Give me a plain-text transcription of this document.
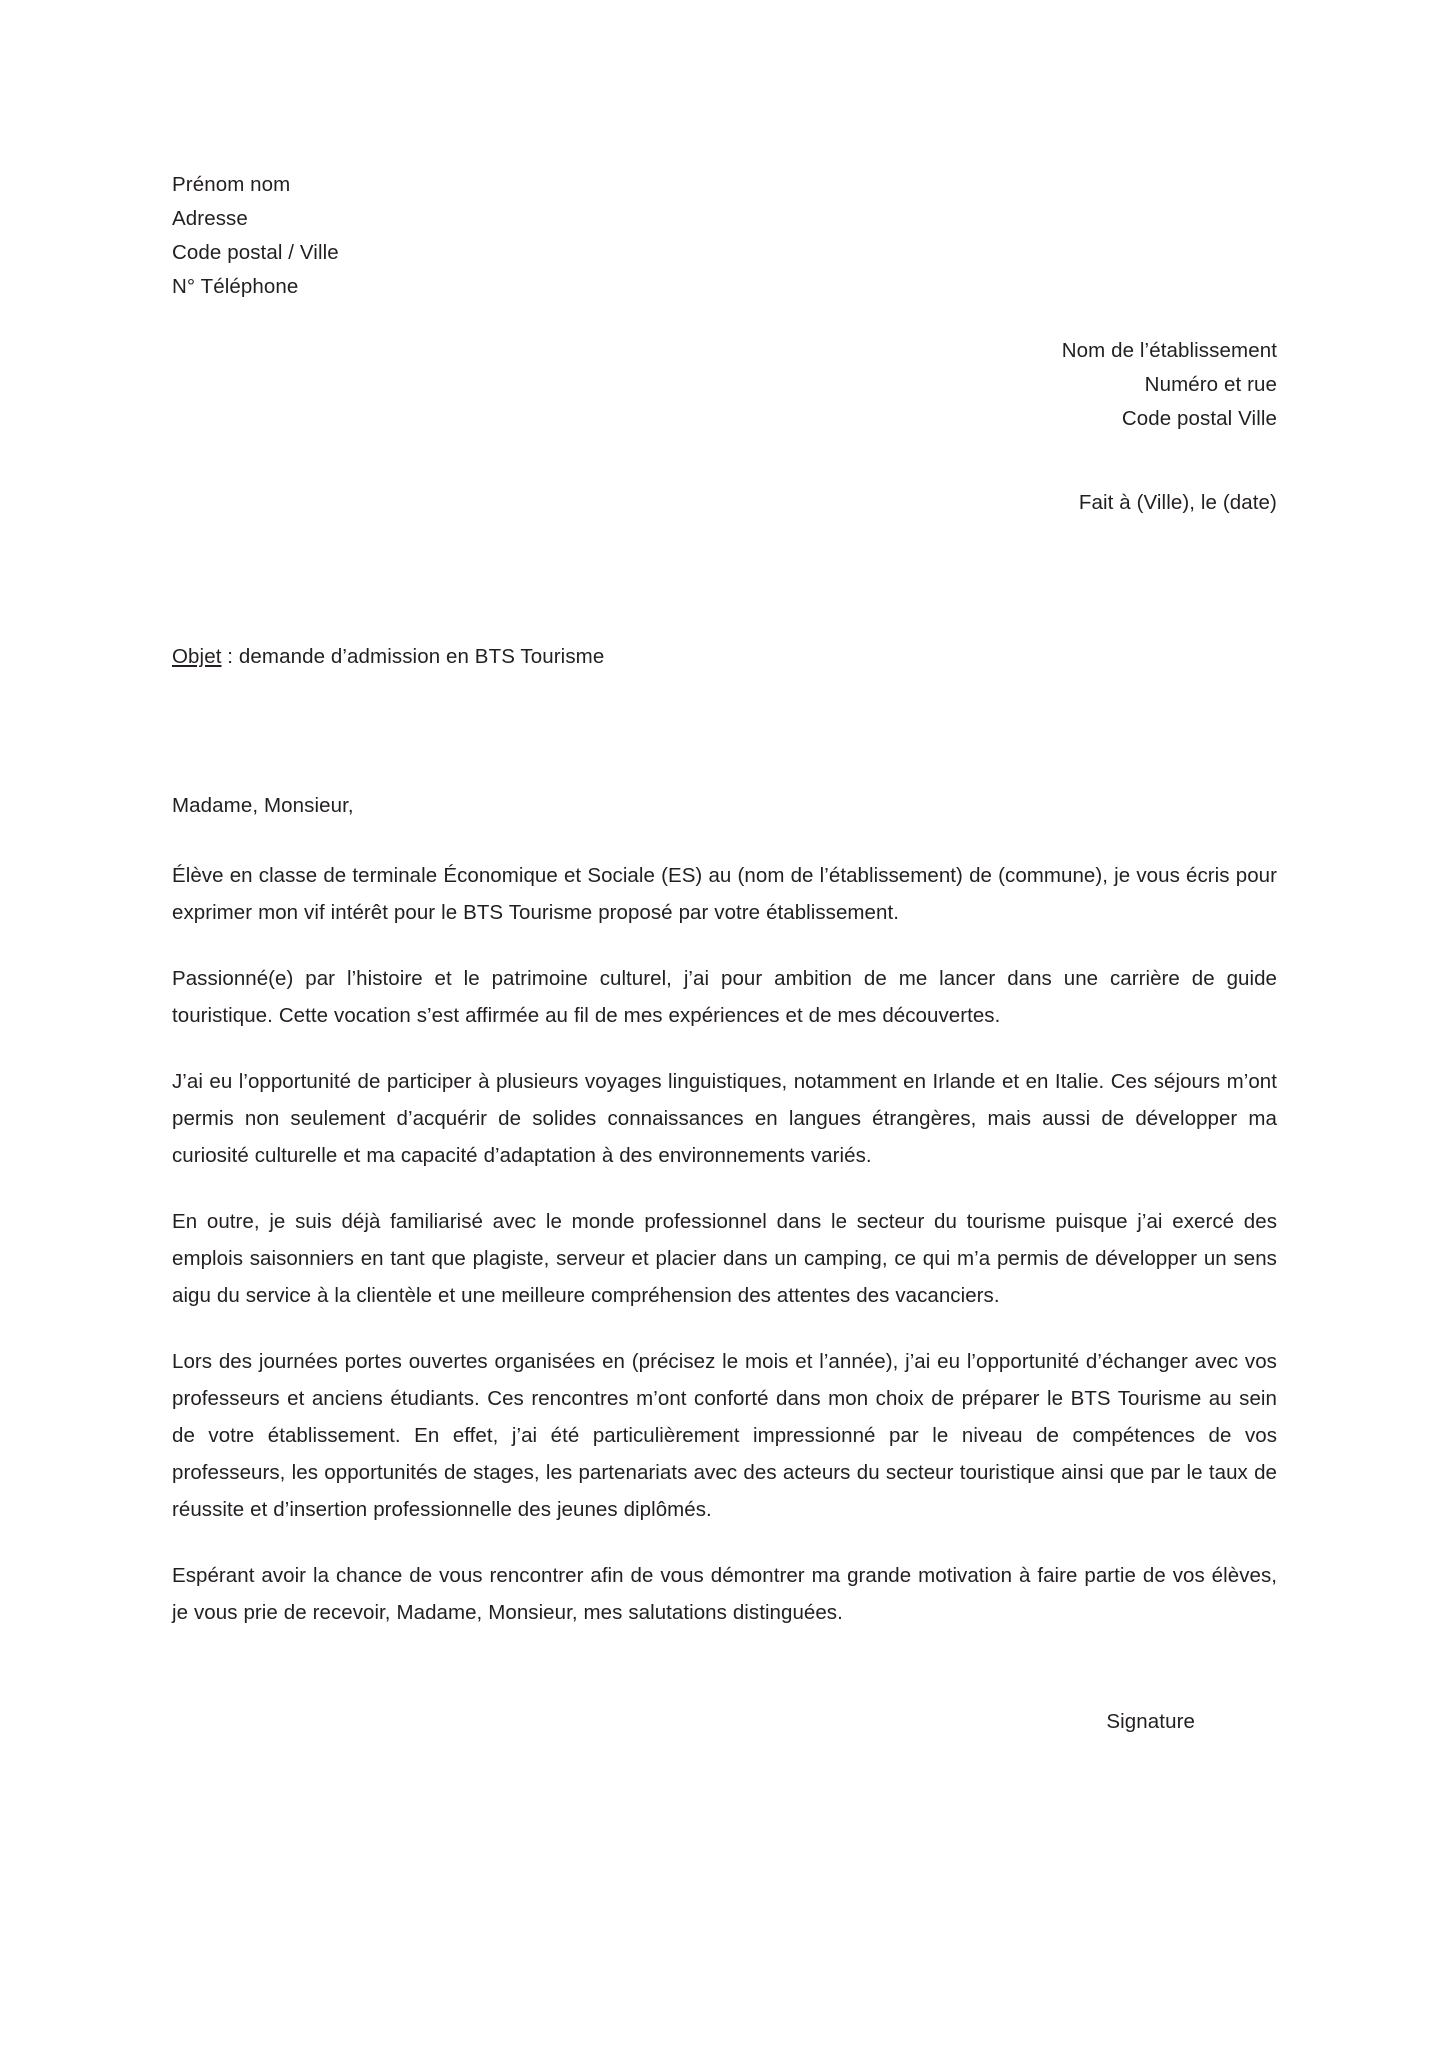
Prénom nom
Adresse
Code postal / Ville
N° Téléphone
Nom de l’établissement
Numéro et rue
Code postal Ville
Fait à (Ville), le (date)
Objet : demande d’admission en BTS Tourisme
Madame, Monsieur,

Élève en classe de terminale Économique et Sociale (ES) au (nom de l’établissement) de (commune), je vous écris pour exprimer mon vif intérêt pour le BTS Tourisme proposé par votre établissement.

Passionné(e) par l’histoire et le patrimoine culturel, j’ai pour ambition de me lancer dans une carrière de guide touristique. Cette vocation s’est affirmée au fil de mes expériences et de mes découvertes.

J’ai eu l’opportunité de participer à plusieurs voyages linguistiques, notamment en Irlande et en Italie. Ces séjours m’ont permis non seulement d’acquérir de solides connaissances en langues étrangères, mais aussi de développer ma curiosité culturelle et ma capacité d’adaptation à des environnements variés.

En outre, je suis déjà familiarisé avec le monde professionnel dans le secteur du tourisme puisque j’ai exercé des emplois saisonniers en tant que plagiste, serveur et placier dans un camping, ce qui m’a permis de développer un sens aigu du service à la clientèle et une meilleure compréhension des attentes des vacanciers.

Lors des journées portes ouvertes organisées en (précisez le mois et l’année), j’ai eu l’opportunité d’échanger avec vos professeurs et anciens étudiants. Ces rencontres m’ont conforté dans mon choix de préparer le BTS Tourisme au sein de votre établissement. En effet, j’ai été particulièrement impressionné par le niveau de compétences de vos professeurs, les opportunités de stages, les partenariats avec des acteurs du secteur touristique ainsi que par le taux de réussite et d’insertion professionnelle des jeunes diplômés.

Espérant avoir la chance de vous rencontrer afin de vous démontrer ma grande motivation à faire partie de vos élèves, je vous prie de recevoir, Madame, Monsieur, mes salutations distinguées.

Signature
